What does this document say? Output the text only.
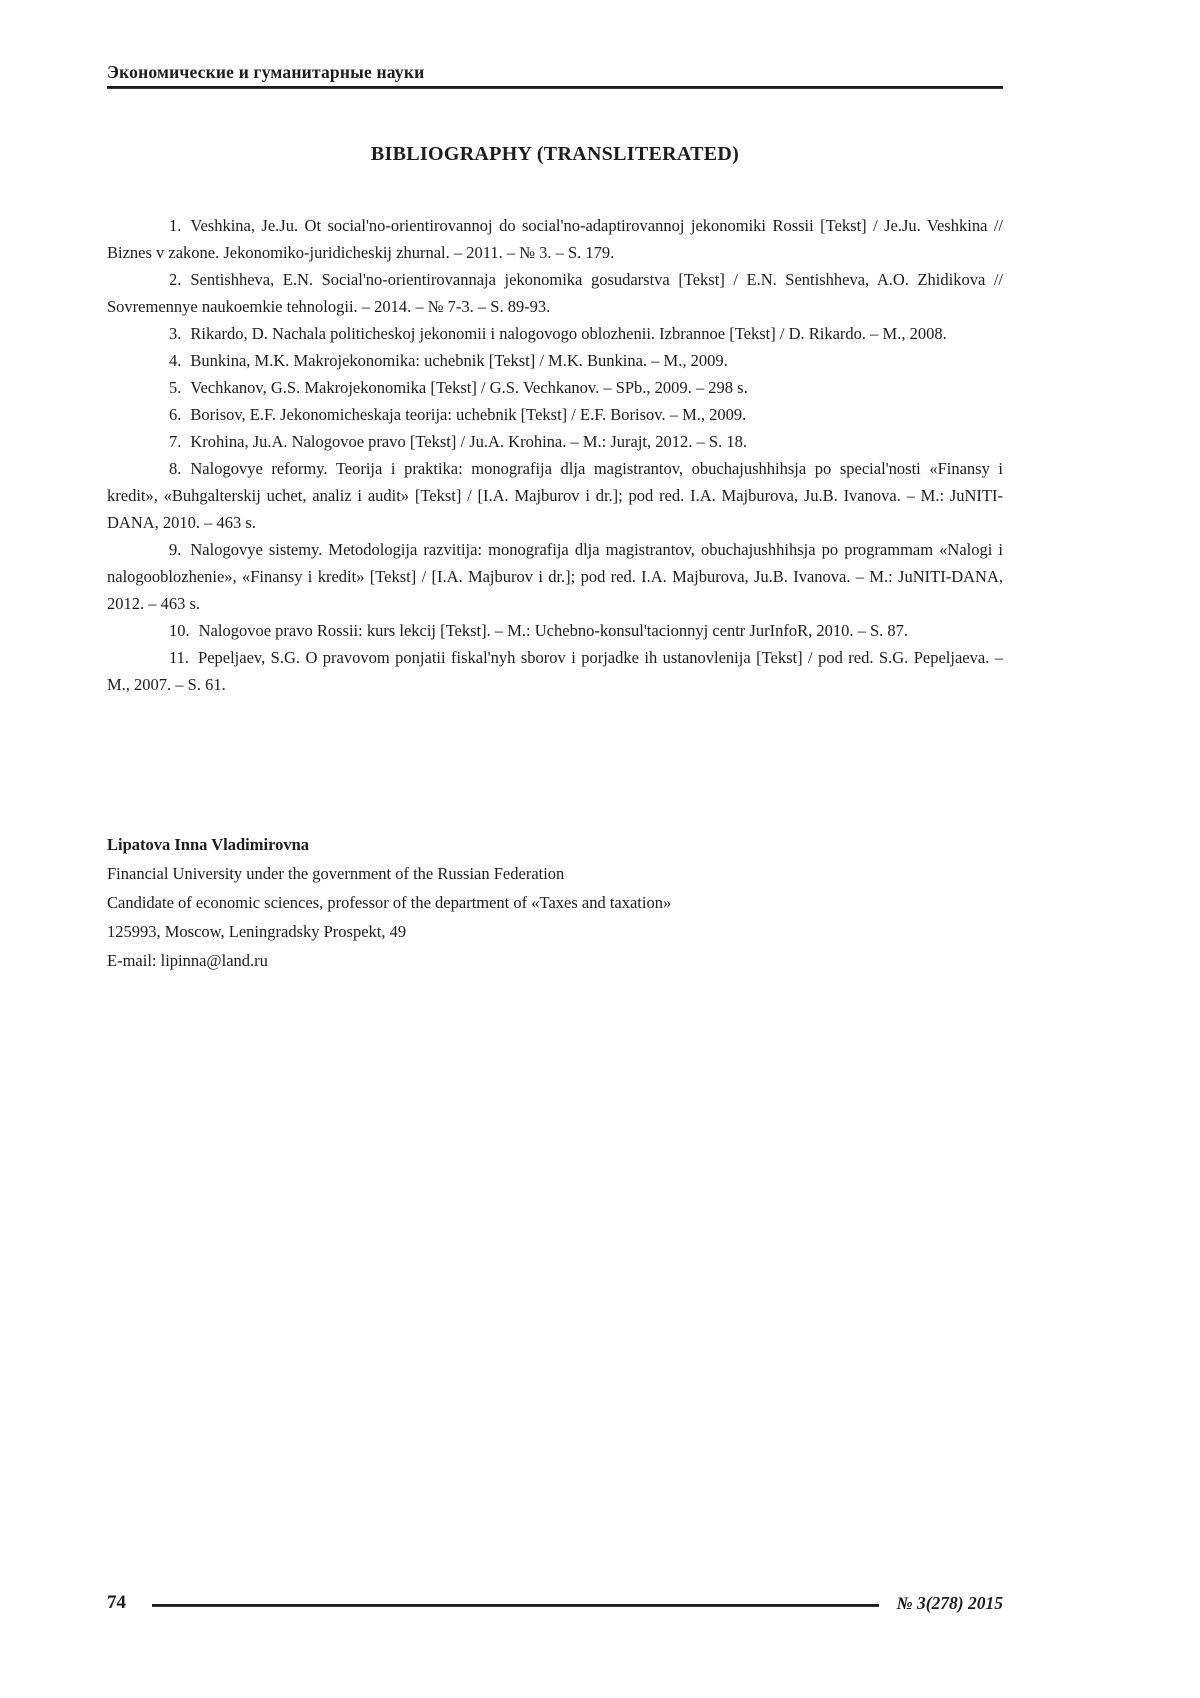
Экономические и гуманитарные науки
BIBLIOGRAPHY (TRANSLITERATED)

1. Veshkina, Je.Ju. Ot social'no-orientirovannoj do social'no-adaptirovannoj jekonomiki Rossii [Tekst] / Je.Ju. Veshkina // Biznes v zakone. Jekonomiko-juridicheskij zhurnal. – 2011. – № 3. – S. 179.

2. Sentishheva, E.N. Social'no-orientirovannaja jekonomika gosudarstva [Tekst] / E.N. Sentishheva, A.O. Zhidikova // Sovremennye naukoemkie tehnologii. – 2014. – № 7-3. – S. 89-93.

3. Rikardo, D. Nachala politicheskoj jekonomii i nalogovogo oblozhenii. Izbrannoe [Tekst] / D. Rikardo. – M., 2008.

4. Bunkina, M.K. Makrojekonomika: uchebnik [Tekst] / M.K. Bunkina. – M., 2009.

5. Vechkanov, G.S. Makrojekonomika [Tekst] / G.S. Vechkanov. – SPb., 2009. – 298 s.

6. Borisov, E.F. Jekonomicheskaja teorija: uchebnik [Tekst] / E.F. Borisov. – M., 2009.

7. Krohina, Ju.A. Nalogovoe pravo [Tekst] / Ju.A. Krohina. – M.: Jurajt, 2012. – S. 18.

8. Nalogovye reformy. Teorija i praktika: monografija dlja magistrantov, obuchajushhihsja po special'nosti «Finansy i kredit», «Buhgalterskij uchet, analiz i audit» [Tekst] / [I.A. Majburov i dr.]; pod red. I.A. Majburova, Ju.B. Ivanova. – M.: JuNITI-DANA, 2010. – 463 s.

9. Nalogovye sistemy. Metodologija razvitija: monografija dlja magistrantov, obuchajushhihsja po programmam «Nalogi i nalogooblozhenie», «Finansy i kredit» [Tekst] / [I.A. Majburov i dr.]; pod red. I.A. Majburova, Ju.B. Ivanova. – M.: JuNITI-DANA, 2012. – 463 s.

10. Nalogovoe pravo Rossii: kurs lekcij [Tekst]. – M.: Uchebno-konsul'tacionnyj centr JurInfoR, 2010. – S. 87.

11. Pepeljaev, S.G. O pravovom ponjatii fiskal'nyh sborov i porjadke ih ustanovlenija [Tekst] / pod red. S.G. Pepeljaeva. – M., 2007. – S. 61.

Lipatova Inna Vladimirovna
Financial University under the government of the Russian Federation
Candidate of economic sciences, professor of the department of «Taxes and taxation»
125993, Moscow, Leningradsky Prospekt, 49
E-mail: lipinna@land.ru
74	№ 3(278) 2015
